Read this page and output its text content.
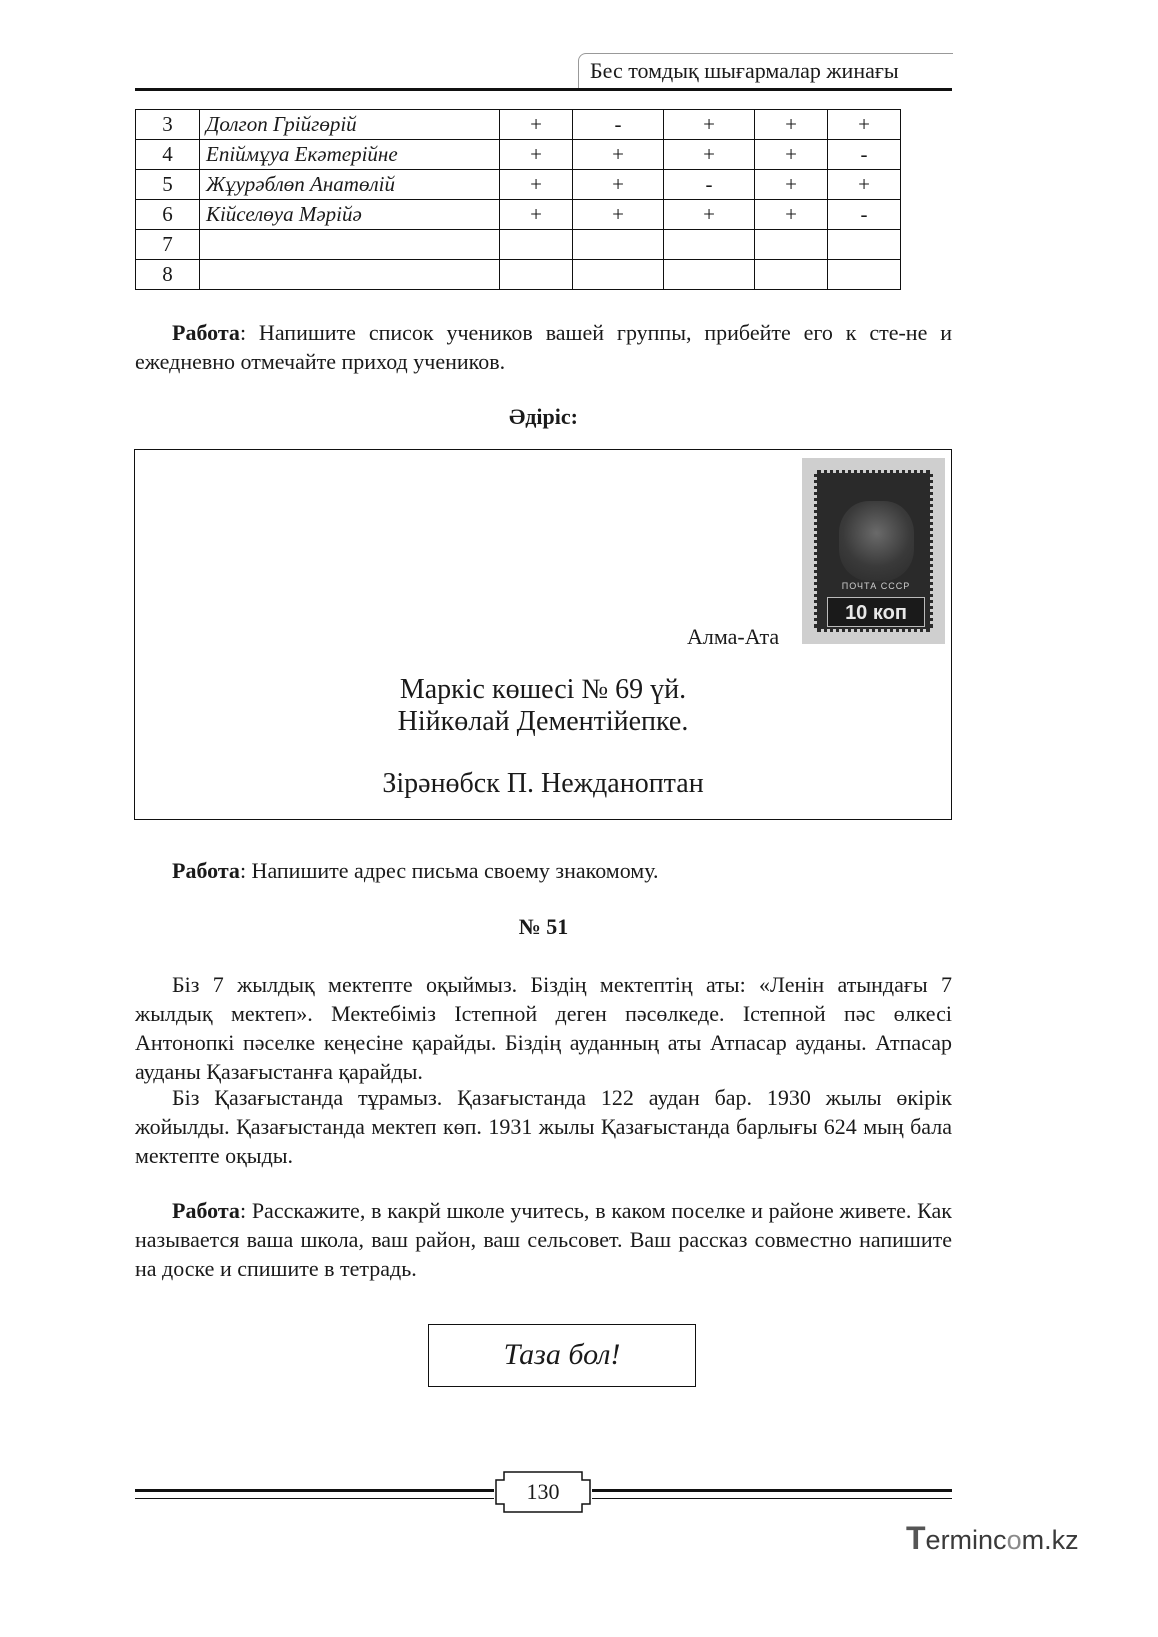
Бес томдық шығармалар жинағы
3	Долгоп Грійгөрій	+	-	+	+	+
4	Епіймұуа Екәтерійне	+	+	+	+	-
5	Жұурәблөп Анатөлій	+	+	-	+	+
6	Кійселөуа Мәрійә	+	+	+	+	-
7						
8						

Работа: Напишите список учеников вашей группы, прибейте его к сте-не и ежедневно отмечайте приход учеников.

Әдіріс:
ПОЧТА СССР
10 коп
Алма-Ата
Маркіс көшесі № 69 үй.
Нійкөлай Дементійепке.
Зірәнөбск П. Нежданоптан

Работа: Напишите адрес письма своему знакомому.

№ 51

Біз 7 жылдық мектепте оқыймыз. Біздің мектептің аты: «Ленін атындағы 7 жылдық мектеп». Мектебіміз Істепной деген пәсөлкеде. Істепной пәс өлкесі Антонопкі пәселке кеңесіне қарайды. Біздің ауданның аты Атпасар ауданы. Атпасар ауданы Қазағыстанға қарайды.

Біз Қазағыстанда тұрамыз. Қазағыстанда 122 аудан бар. 1930 жылы өкірік жойылды. Қазағыстанда мектеп көп. 1931 жылы Қазағыстанда барлығы 624 мың бала мектепте оқыды.

Работа: Расскажите, в какрй школе учитесь, в каком поселке и районе живете. Как называется ваша школа, ваш район, ваш сельсовет. Ваш рассказ совместно напишите на доске и спишите в тетрадь.

Таза бол!
130
Termincom.kz
